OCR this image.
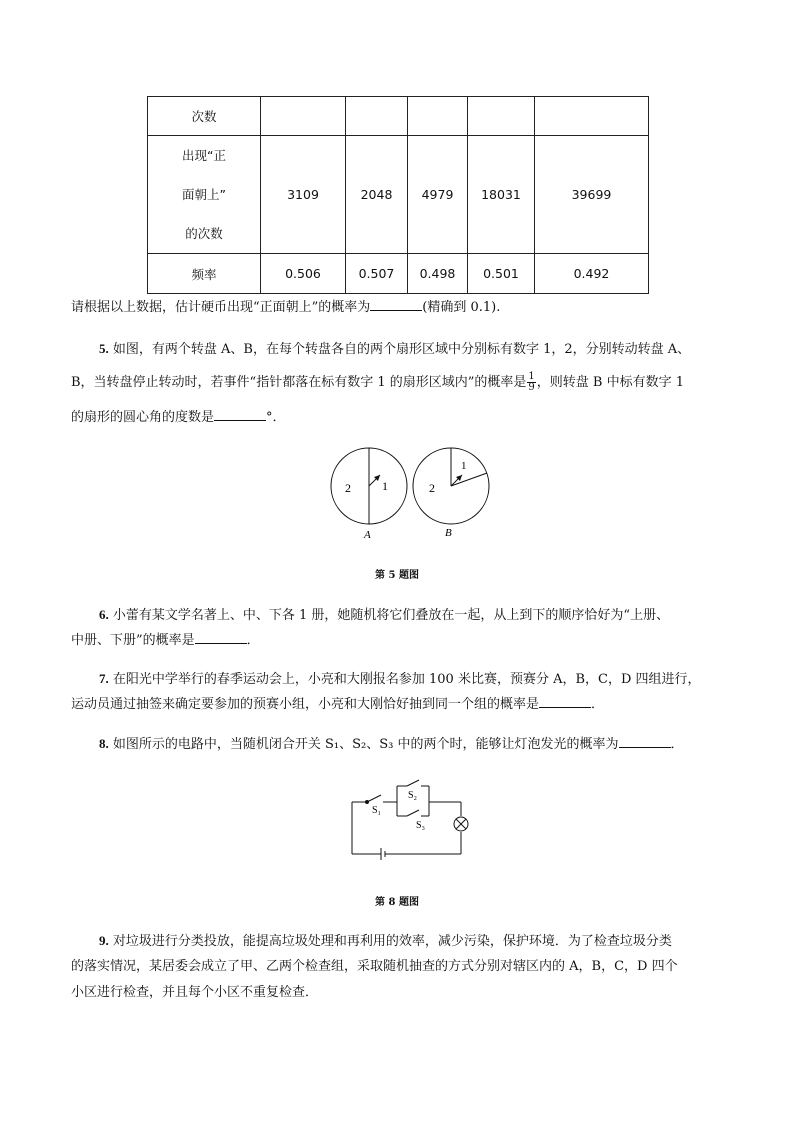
次数					

出现“正
面朝上”
的次数	3109	2048	4979	18031	39699
频率	0.506	0.507	0.498	0.501	0.492
请根据以上数据，估计硬币出现“正面朝上”的概率为	(精确到 0.1).
5. 如图，有两个转盘 A、B，在每个转盘各自的两个扇形区域中分别标有数字 1，2，分别转动转盘 A、
B，当转盘停止转动时，若事件“指针都落在标有数字 1 的扇形区域内”的概率是 $\frac{1}{9}$ ，则转盘 B 中标有数字 1
的扇形的圆心角的度数是	°．
2	1
A
2
1
B
第 5 题图
6. 小蕾有某文学名著上、中、下各 1 册，她随机将它们叠放在一起，从上到下的顺序恰好为“上册、
中册、下册”的概率是	．
7. 在阳光中学举行的春季运动会上，小亮和大刚报名参加 100 米比赛，预赛分 A，B，C，D 四组进行，
运动员通过抽签来确定要参加的预赛小组，小亮和大刚恰好抽到同一个组的概率是	．
8. 如图所示的电路中，当随机闭合开关 S₁、S₂、S₃ 中的两个时，能够让灯泡发光的概率为	．
S₁
S₂
S₃
第 8 题图
9. 对垃圾进行分类投放，能提高垃圾处理和再利用的效率，减少污染，保护环境．为了检查垃圾分类
的落实情况，某居委会成立了甲、乙两个检查组，采取随机抽查的方式分别对辖区内的 A，B，C，D 四个
小区进行检查，并且每个小区不重复检查．
